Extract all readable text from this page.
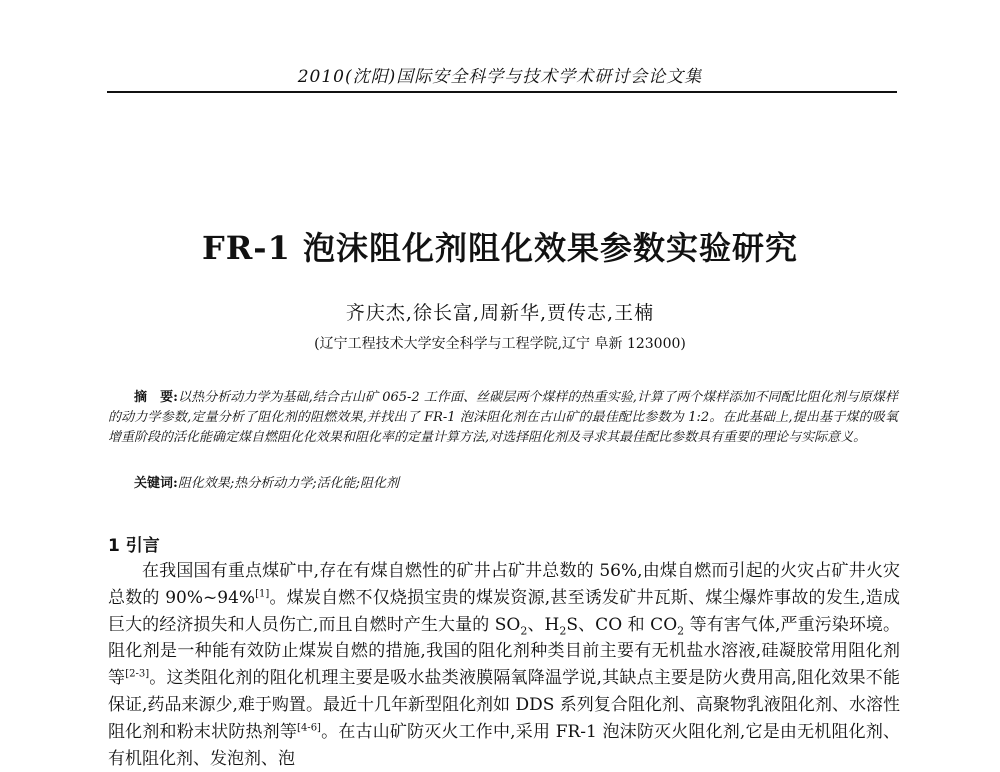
2010(沈阳)国际安全科学与技术学术研讨会论文集
FR-1 泡沫阻化剂阻化效果参数实验研究
齐庆杰,徐长富,周新华,贾传志,王楠
(辽宁工程技术大学安全科学与工程学院,辽宁 阜新 123000)
摘　要:以热分析动力学为基础,结合古山矿 065-2 工作面、丝碳层两个煤样的热重实验,计算了两个煤样添加不同配比阻化剂与原煤样的动力学参数,定量分析了阻化剂的阻燃效果,并找出了 FR-1 泡沫阻化剂在古山矿的最佳配比参数为 1:2。在此基础上,提出基于煤的吸氧增重阶段的活化能确定煤自燃阻化化效果和阻化率的定量计算方法,对选择阻化剂及寻求其最佳配比参数具有重要的理论与实际意义。
关键词:阻化效果;热分析动力学;活化能;阻化剂
1 引言

在我国国有重点煤矿中,存在有煤自燃性的矿井占矿井总数的 56%,由煤自燃而引起的火灾占矿井火灾总数的 90%~94%[1]。煤炭自燃不仅烧损宝贵的煤炭资源,甚至诱发矿井瓦斯、煤尘爆炸事故的发生,造成巨大的经济损失和人员伤亡,而且自燃时产生大量的 $SO_2$、$H_2S$、CO 和 $CO_2$ 等有害气体,严重污染环境。阻化剂是一种能有效防止煤炭自燃的措施,我国的阻化剂种类目前主要有无机盐水溶液,硅凝胶常用阻化剂等[2-3]。这类阻化剂的阻化机理主要是吸水盐类液膜隔氧降温学说,其缺点主要是防火费用高,阻化效果不能保证,药品来源少,难于购置。最近十几年新型阻化剂如 DDS 系列复合阻化剂、高聚物乳液阻化剂、水溶性阻化剂和粉末状防热剂等[4-6]。在古山矿防灭火工作中,采用 FR-1 泡沫防灭火阻化剂,它是由无机阻化剂、有机阻化剂、发泡剂、泡
